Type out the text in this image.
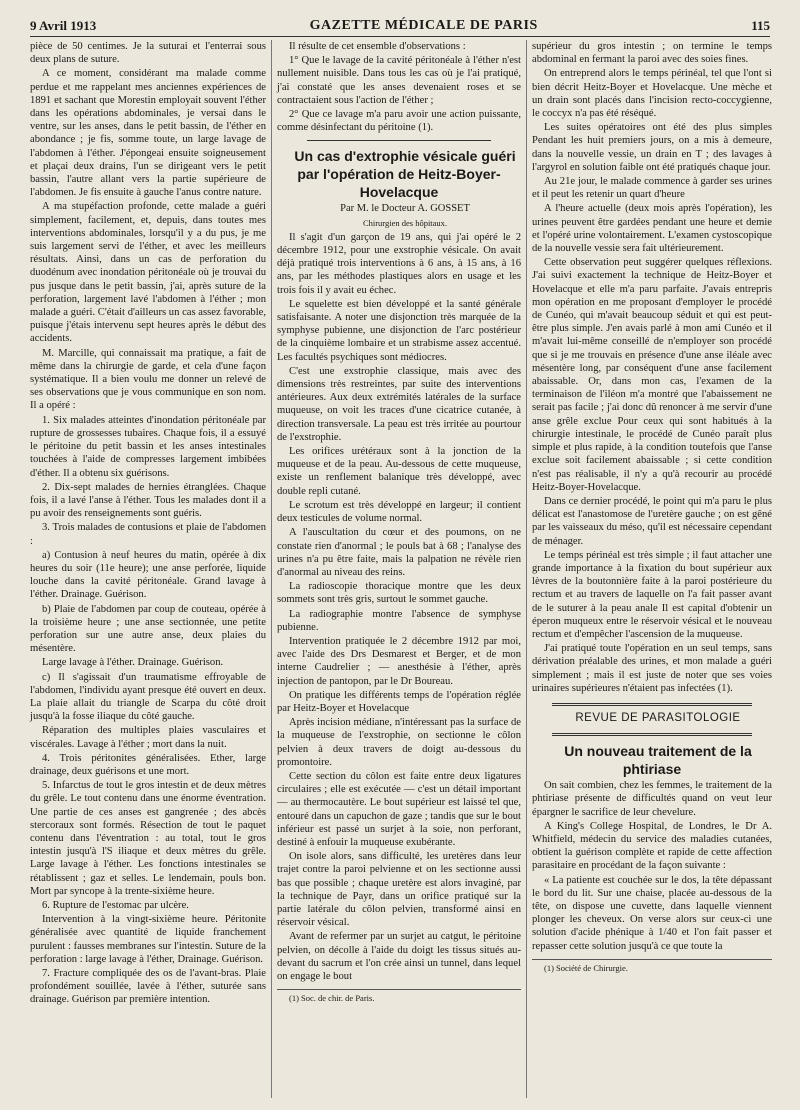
9 Avril 1913	GAZETTE MÉDICALE DE PARIS	115

pièce de 50 centimes. Je la suturai et l'enterrai sous deux plans de suture.

A ce moment, considérant ma malade comme perdue et me rappelant mes anciennes expériences de 1891 et sachant que Morestin employait souvent l'éther dans les opérations abdominales, je versai dans le ventre, sur les anses, dans le petit bassin, de l'éther en abondance ; je fis, somme toute, un large lavage de l'abdomen à l'éther. J'épongeai ensuite soigneusement et plaçai deux drains, l'un se dirigeant vers le petit bassin, l'autre allant vers la partie supérieure de l'abdomen. Je fis ensuite à gauche l'anus contre nature.

A ma stupéfaction profonde, cette malade a guéri simplement, facilement, et, depuis, dans toutes mes interventions abdominales, lorsqu'il y a du pus, je me suis largement servi de l'éther, et avec les meilleurs résultats. Ainsi, dans un cas de perforation du duodénum avec inondation péritonéale où je trouvai du pus jusque dans le petit bassin, j'ai, après suture de la perforation, largement lavé l'abdomen à l'éther ; mon malade a guéri. C'était d'ailleurs un cas assez favorable, puisque j'étais intervenu sept heures après le début des accidents.

M. Marcille, qui connaissait ma pratique, a fait de même dans la chirurgie de garde, et cela d'une façon systématique. Il a bien voulu me donner un relevé de ses observations que je vous communique en son nom. Il a opéré :

1. Six malades atteintes d'inondation péritonéale par rupture de grossesses tubaires. Chaque fois, il a essuyé le péritoine du petit bassin et les anses intestinales touchées à l'aide de compresses largement imbibées d'éther. Il a obtenu six guérisons.

2. Dix-sept malades de hernies étranglées. Chaque fois, il a lavé l'anse à l'éther. Tous les malades dont il a pu avoir des renseignements sont guéris.

3. Trois malades de contusions et plaie de l'abdomen :

a) Contusion à neuf heures du matin, opérée à dix heures du soir (11e heure); une anse perforée, liquide louche dans la cavité péritonéale. Grand lavage à l'éther. Drainage. Guérison.

b) Plaie de l'abdomen par coup de couteau, opérée à la troisième heure ; une anse sectionnée, une petite perforation sur une autre anse, deux plaies du mésentère.

Large lavage à l'éther. Drainage. Guérison.

c) Il s'agissait d'un traumatisme effroyable de l'abdomen, l'individu ayant presque été ouvert en deux. La plaie allait du triangle de Scarpa du côté droit jusqu'à la fosse iliaque du côté gauche.

Réparation des multiples plaies vasculaires et viscérales. Lavage à l'éther ; mort dans la nuit.

4. Trois péritonites généralisées. Ether, large drainage, deux guérisons et une mort.

5. Infarctus de tout le gros intestin et de deux mètres du grêle. Le tout contenu dans une énorme éventration. Une partie de ces anses est gangrenée ; des abcès stercoraux sont formés. Résection de tout le paquet contenu dans l'éventration : au total, tout le gros intestin jusqu'à l'S iliaque et deux mètres du grêle. Large lavage à l'éther. Les fonctions intestinales se rétablissent ; gaz et selles. Le lendemain, pouls bon. Mort par syncope à la trente-sixième heure.

6. Rupture de l'estomac par ulcère.

Intervention à la vingt-sixième heure. Péritonite généralisée avec quantité de liquide franchement purulent : fausses membranes sur l'intestin. Suture de la perforation : large lavage à l'éther, Drainage. Guérison.

7. Fracture compliquée des os de l'avant-bras. Plaie profondément souillée, lavée à l'éther, suturée sans drainage. Guérison par première intention.

Il résulte de cet ensemble d'observations :

1° Que le lavage de la cavité péritonéale à l'éther n'est nullement nuisible. Dans tous les cas où je l'ai pratiqué, j'ai constaté que les anses devenaient roses et se contractaient sous l'action de l'éther ;

2° Que ce lavage m'a paru avoir une action puissante, comme désinfectant du péritoine (1).

Un cas d'extrophie vésicale guéri par l'opération de Heitz-Boyer-Hovelacque

Par M. le Docteur A. GOSSET

Chirurgien des hôpitaux.

Il s'agit d'un garçon de 19 ans, qui j'ai opéré le 2 décembre 1912, pour une exstrophie vésicale. On avait déjà pratiqué trois interventions à 6 ans, à 15 ans, à 16 ans, par les méthodes plastiques alors en usage et les trois fois il y avait eu échec.

Le squelette est bien développé et la santé générale satisfaisante. A noter une disjonction très marquée de la symphyse pubienne, une disjonction de l'arc postérieur de la cinquième lombaire et un strabisme assez accentué. Les facultés psychiques sont médiocres.

C'est une exstrophie classique, mais avec des dimensions très restreintes, par suite des interventions antérieures. Aux deux extrémités latérales de la surface muqueuse, on voit les traces d'une cicatrice cutanée, à direction transversale. La peau est très irritée au pourtour de l'exstrophie.

Les orifices urétéraux sont à la jonction de la muqueuse et de la peau. Au-dessous de cette muqueuse, existe un renflement balanique très développé, avec double repli cutané.

Le scrotum est très développé en largeur; il contient deux testicules de volume normal.

A l'auscultation du cœur et des poumons, on ne constate rien d'anormal ; le pouls bat à 68 ; l'analyse des urines n'a pu être faite, mais la palpation ne révèle rien d'anormal au niveau des reins.

La radioscopie thoracique montre que les deux sommets sont très gris, surtout le sommet gauche.

La radiographie montre l'absence de symphyse pubienne.

Intervention pratiquée le 2 décembre 1912 par moi, avec l'aide des Drs Desmarest et Berger, et de mon interne Caudrelier ; — anesthésie à l'éther, après injection de pantopon, par le Dr Boureau.

On pratique les différents temps de l'opération réglée par Heitz-Boyer et Hovelacque

Après incision médiane, n'intéressant pas la surface de la muqueuse de l'exstrophie, on sectionne le côlon pelvien à deux travers de doigt au-dessous du promontoire.

Cette section du côlon est faite entre deux ligatures circulaires ; elle est exécutée — c'est un détail important — au thermocautère. Le bout supérieur est laissé tel que, entouré dans un capuchon de gaze ; tandis que sur le bout inférieur est passé un surjet à la soie, non perforant, destiné à enfouir la muqueuse exubérante.

On isole alors, sans difficulté, les uretères dans leur trajet contre la paroi pelvienne et on les sectionne aussi bas que possible ; chaque uretère est alors invaginé, par la technique de Payr, dans un orifice pratiqué sur la partie latérale du côlon pelvien, transformé ainsi en réservoir vésical.

Avant de refermer par un surjet au catgut, le péritoine pelvien, on décolle à l'aide du doigt les tissus situés au-devant du sacrum et l'on crée ainsi un tunnel, dans lequel on engage le bout

(1) Soc. de chir. de Paris.

supérieur du gros intestin ; on termine le temps abdominal en fermant la paroi avec des soies fines.

On entreprend alors le temps périnéal, tel que l'ont si bien décrit Heitz-Boyer et Hovelacque. Une mèche et un drain sont placés dans l'incision recto-coccygienne, le coccyx n'a pas été réséqué.

Les suites opératoires ont été des plus simples Pendant les huit premiers jours, on a mis à demeure, dans la nouvelle vessie, un drain en T ; des lavages à l'argyrol en solution faible ont été pratiqués chaque jour.

Au 21e jour, le malade commence à garder ses urines et il peut les retenir un quart d'heure

A l'heure actuelle (deux mois après l'opération), les urines peuvent être gardées pendant une heure et demie et l'opéré urine volontairement. L'examen cystoscopique de la nouvelle vessie sera fait ultérieurement.

Cette observation peut suggérer quelques réflexions. J'ai suivi exactement la technique de Heitz-Boyer et Hovelacque et elle m'a paru parfaite. J'avais entrepris mon opération en me proposant d'employer le procédé de Cunéo, qui m'avait beaucoup séduit et qui est peut-être plus simple. J'en avais parlé à mon ami Cunéo et il m'avait lui-même conseillé de n'employer son procédé que si je me trouvais en présence d'une anse iléale avec mésentère long, par conséquent d'une anse facilement abaissable. Or, dans mon cas, l'examen de la terminaison de l'iléon m'a montré que l'abaissement ne serait pas facile ; j'ai donc dû renoncer à me servir d'une anse grêle exclue Pour ceux qui sont habitués à la chirurgie intestinale, le procédé de Cunéo paraît plus simple et plus rapide, à la condition toutefois que l'anse exclue soit facilement abaissable ; si cette condition n'est pas réalisable, il n'y a qu'à recourir au procédé Heitz-Boyer-Hovelacque.

Dans ce dernier procédé, le point qui m'a paru le plus délicat est l'anastomose de l'uretère gauche ; on est gêné par les vaisseaux du méso, qu'il est nécessaire cependant de ménager.

Le temps périnéal est très simple ; il faut attacher une grande importance à la fixation du bout supérieur aux lèvres de la boutonnière faite à la paroi postérieure du rectum et au travers de laquelle on l'a fait passer avant de le suturer à la peau anale Il est capital d'obtenir un éperon muqueux entre le réservoir vésical et le nouveau rectum et d'empêcher l'ascension de la muqueuse.

J'ai pratiqué toute l'opération en un seul temps, sans dérivation préalable des urines, et mon malade a guéri simplement ; mais il est juste de noter que ses voies urinaires supérieures n'étaient pas infectées (1).

REVUE DE PARASITOLOGIE

Un nouveau traitement de la phtiriase

On sait combien, chez les femmes, le traitement de la phtiriase présente de difficultés quand on veut leur épargner le sacrifice de leur chevelure.

A King's College Hospital, de Londres, le Dr A. Whitfield, médecin du service des maladies cutanées, obtient la guérison complète et rapide de cette affection parasitaire en procédant de la façon suivante :

« La patiente est couchée sur le dos, la tête dépassant le bord du lit. Sur une chaise, placée au-dessous de la tête, on dispose une cuvette, dans laquelle viennent plonger les cheveux. On verse alors sur ceux-ci une solution d'acide phénique à 1/40 et l'on fait passer et repasser cette solution jusqu'à ce que toute la

(1) Société de Chirurgie.
